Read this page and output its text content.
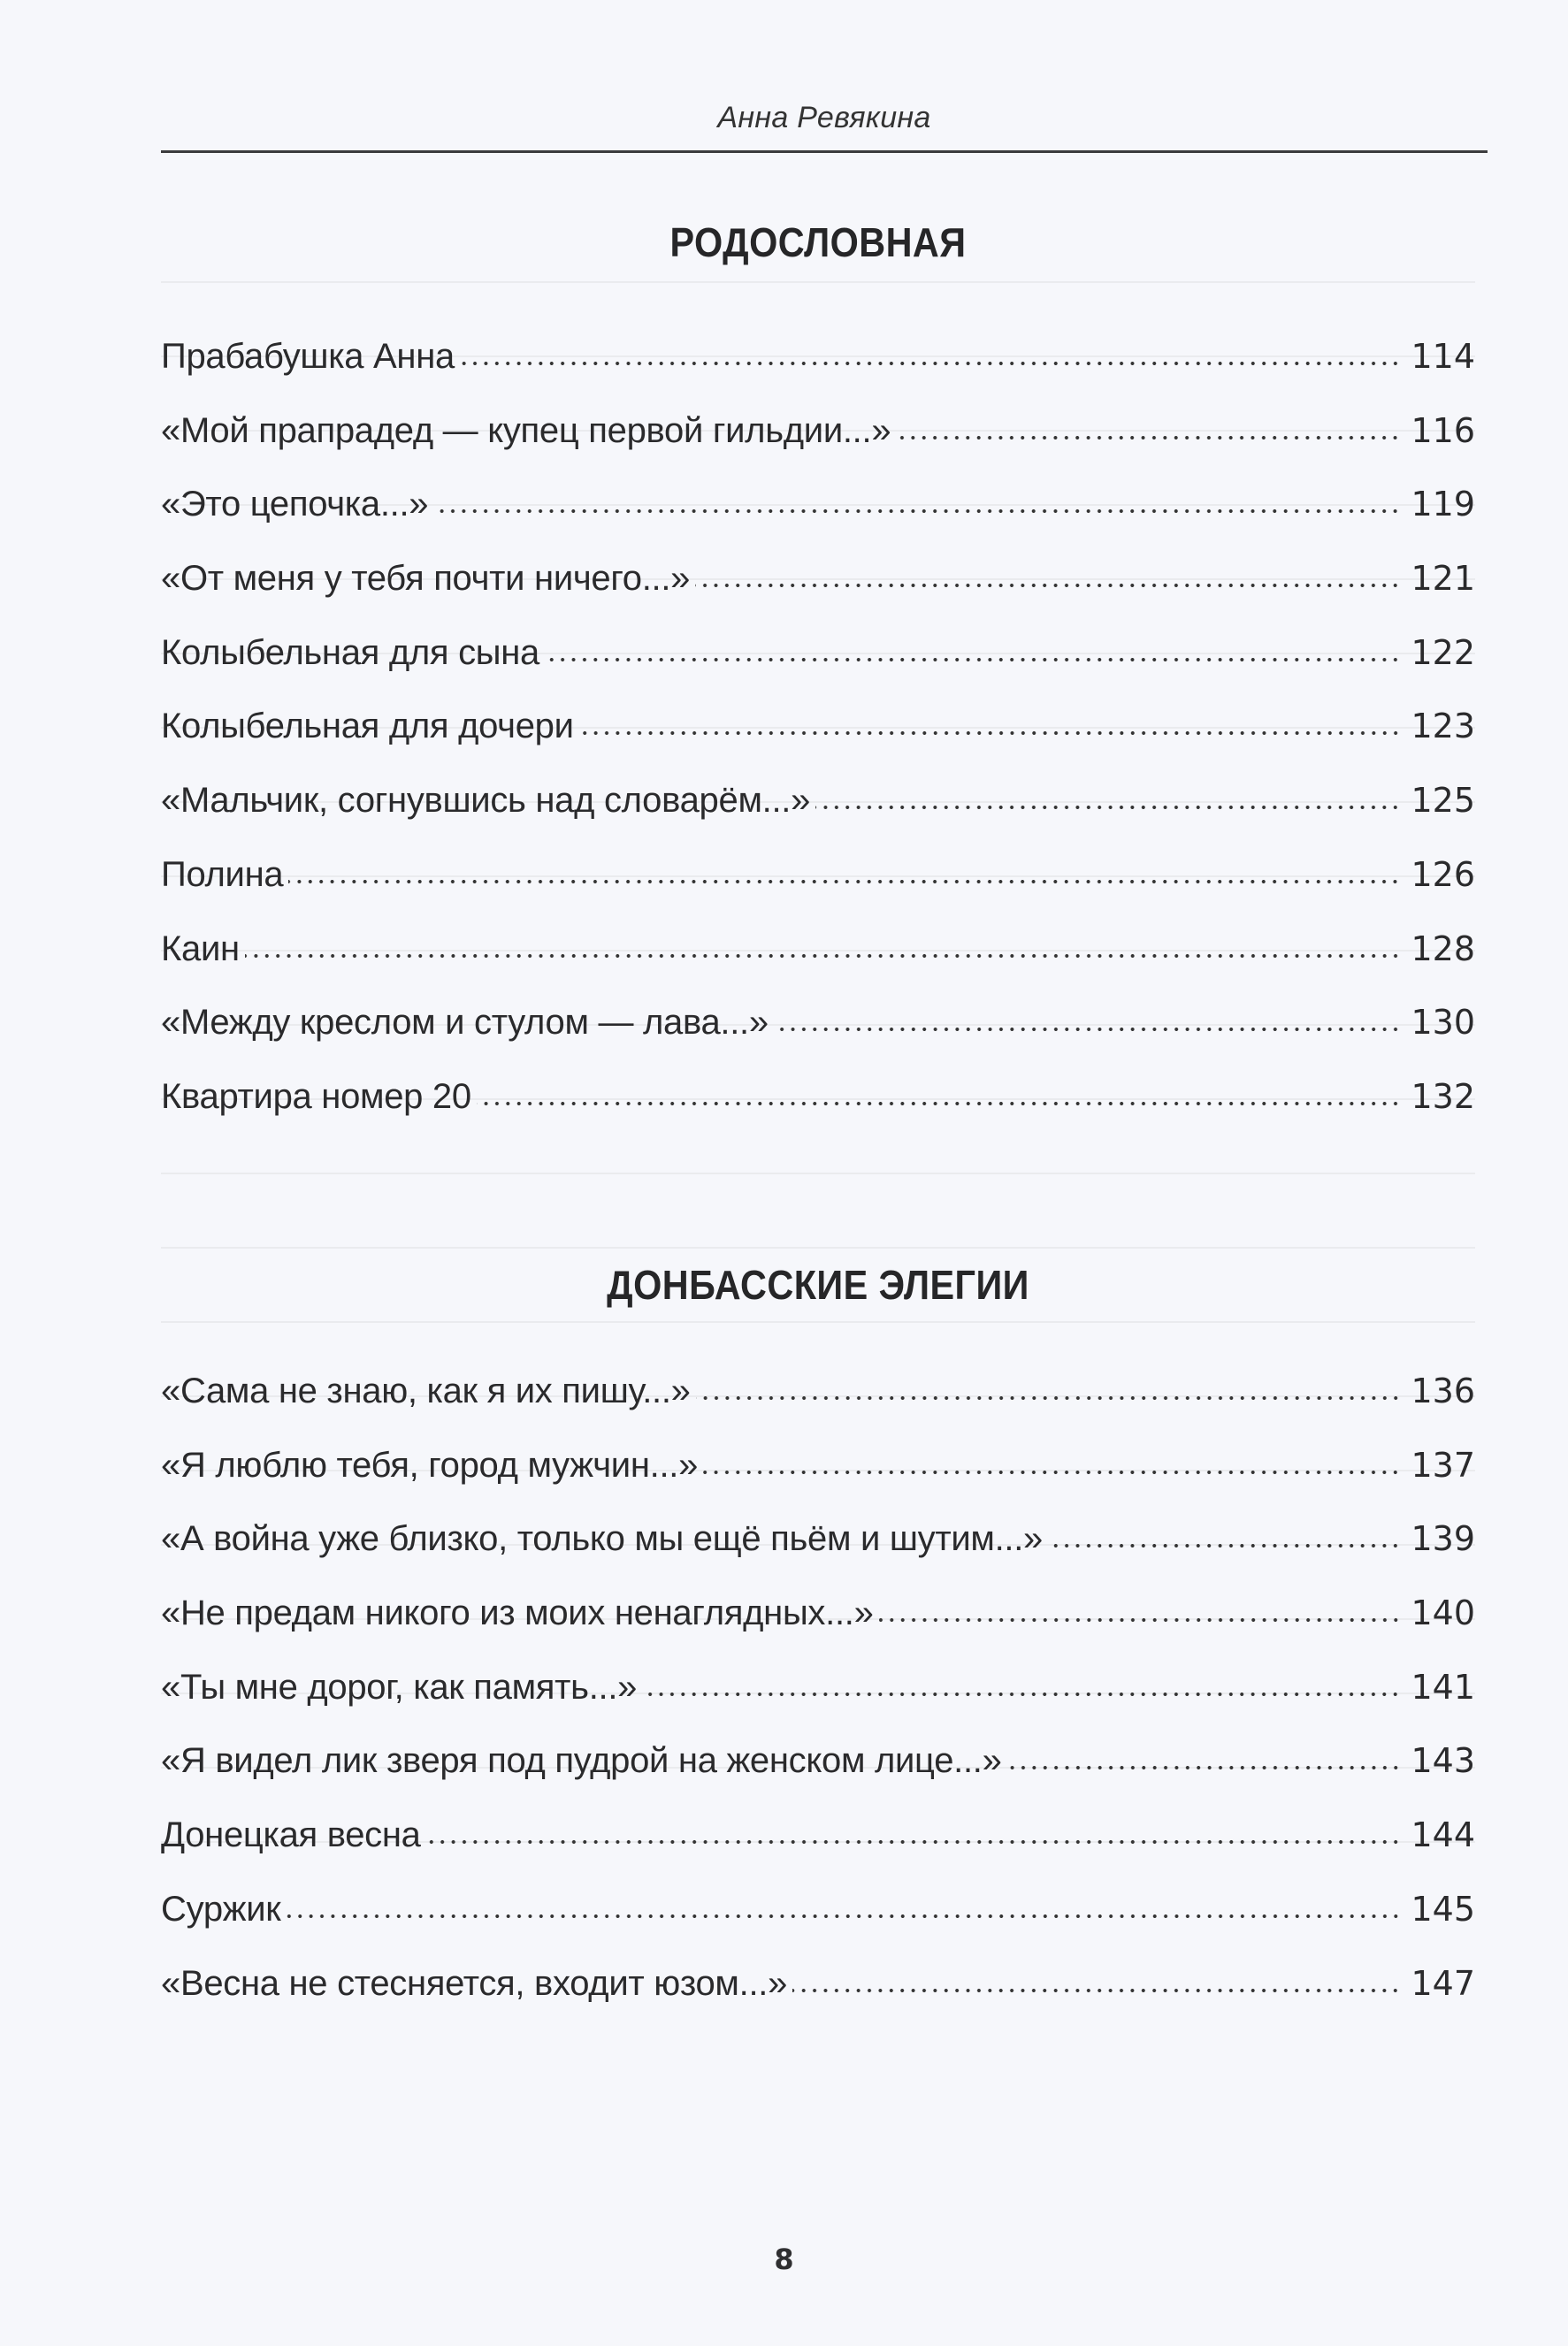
Анна Ревякина
РОДОСЛОВНАЯ
Прабабушка Анна	114
«Мой прапрадед — купец первой гильдии...»	116
«Это цепочка...»	119
«От меня у тебя почти ничего...»	121
Колыбельная для сына	122
Колыбельная для дочери	123
«Мальчик, согнувшись над словарём...»	125
Полина	126
Каин	128
«Между креслом и стулом — лава...»	130
Квартира номер 20	132
ДОНБАССКИЕ ЭЛЕГИИ
«Сама не знаю, как я их пишу...»	136
«Я люблю тебя, город мужчин...»	137
«А война уже близко, только мы ещё пьём и шутим...»	139
«Не предам никого из моих ненаглядных...»	140
«Ты мне дорог, как память...»	141
«Я видел лик зверя под пудрой на женском лице...»	143
Донецкая весна	144
Суржик	145
«Весна не стесняется, входит юзом...»	147
8
